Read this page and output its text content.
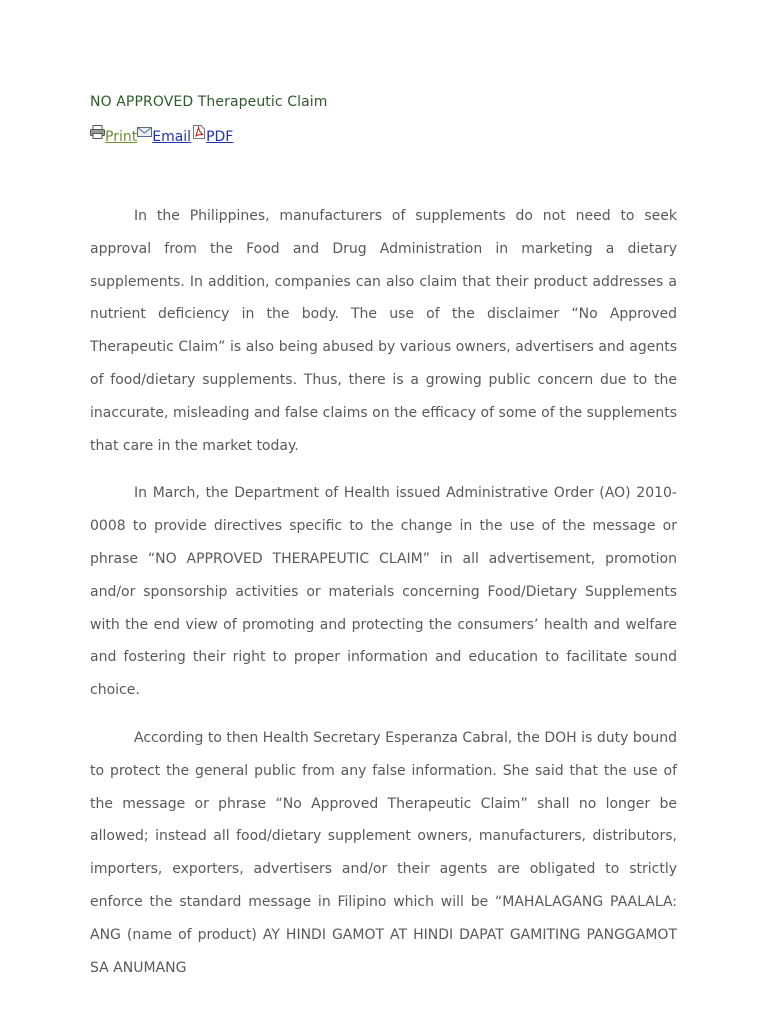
NO APPROVED Therapeutic Claim
Print Email PDF

In the Philippines, manufacturers of supplements do not need to seek approval from the Food and Drug Administration in marketing a dietary supplements. In addition, companies can also claim that their product addresses a nutrient deficiency in the body. The use of the disclaimer “No Approved Therapeutic Claim” is also being abused by various owners, advertisers and agents of food/dietary supplements. Thus, there is a growing public concern due to the inaccurate, misleading and false claims on the efficacy of some of the supplements that care in the market today.

In March, the Department of Health issued Administrative Order (AO) 2010-0008 to provide directives specific to the change in the use of the message or phrase “NO APPROVED THERAPEUTIC CLAIM” in all advertisement, promotion and/or sponsorship activities or materials concerning Food/Dietary Supplements with the end view of promoting and protecting the consumers’ health and welfare and fostering their right to proper information and education to facilitate sound choice.

According to then Health Secretary Esperanza Cabral, the DOH is duty bound to protect the general public from any false information. She said that the use of the message or phrase “No Approved Therapeutic Claim” shall no longer be allowed; instead all food/dietary supplement owners, manufacturers, distributors, importers, exporters, advertisers and/or their agents are obligated to strictly enforce the standard message in Filipino which will be “MAHALAGANG PAALALA: ANG (name of product) AY HINDI GAMOT AT HINDI DAPAT GAMITING PANGGAMOT SA ANUMANG
